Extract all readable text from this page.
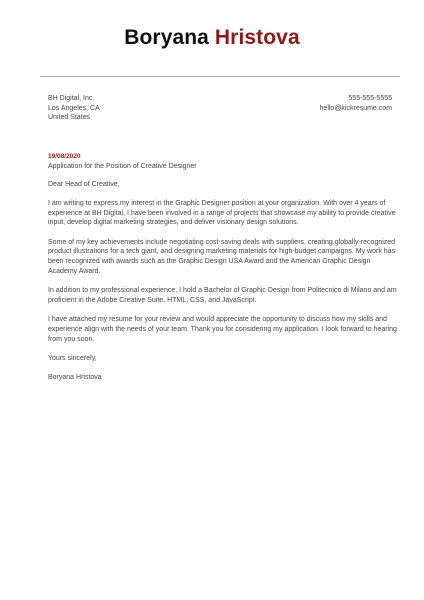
Boryana Hristova
BH Digital, Inc.
Los Angeles, CA
United States
555-555-5555
hello@kickresume.com
19/08/2020

Application for the Position of Creative Designer

Dear Head of Creative,

I am writing to express my interest in the Graphic Designer position at your organization. With over 4 years of experience at BH Digital, I have been involved in a range of projects that showcase my ability to provide creative input, develop digital marketing strategies, and deliver visionary design solutions.

Some of my key achievements include negotiating cost-saving deals with suppliers, creating globally-recognized product illustrations for a tech giant, and designing marketing materials for high-budget campaigns. My work has been recognized with awards such as the Graphic Design USA Award and the American Graphic Design Academy Award.

In addition to my professional experience, I hold a Bachelor of Graphic Design from Politecnico di Milano and am proficient in the Adobe Creative Suite, HTML, CSS, and JavaScript.

I have attached my resume for your review and would appreciate the opportunity to discuss how my skills and experience align with the needs of your team. Thank you for considering my application. I look forward to hearing from you soon.

Yours sincerely,

Boryana Hristova
